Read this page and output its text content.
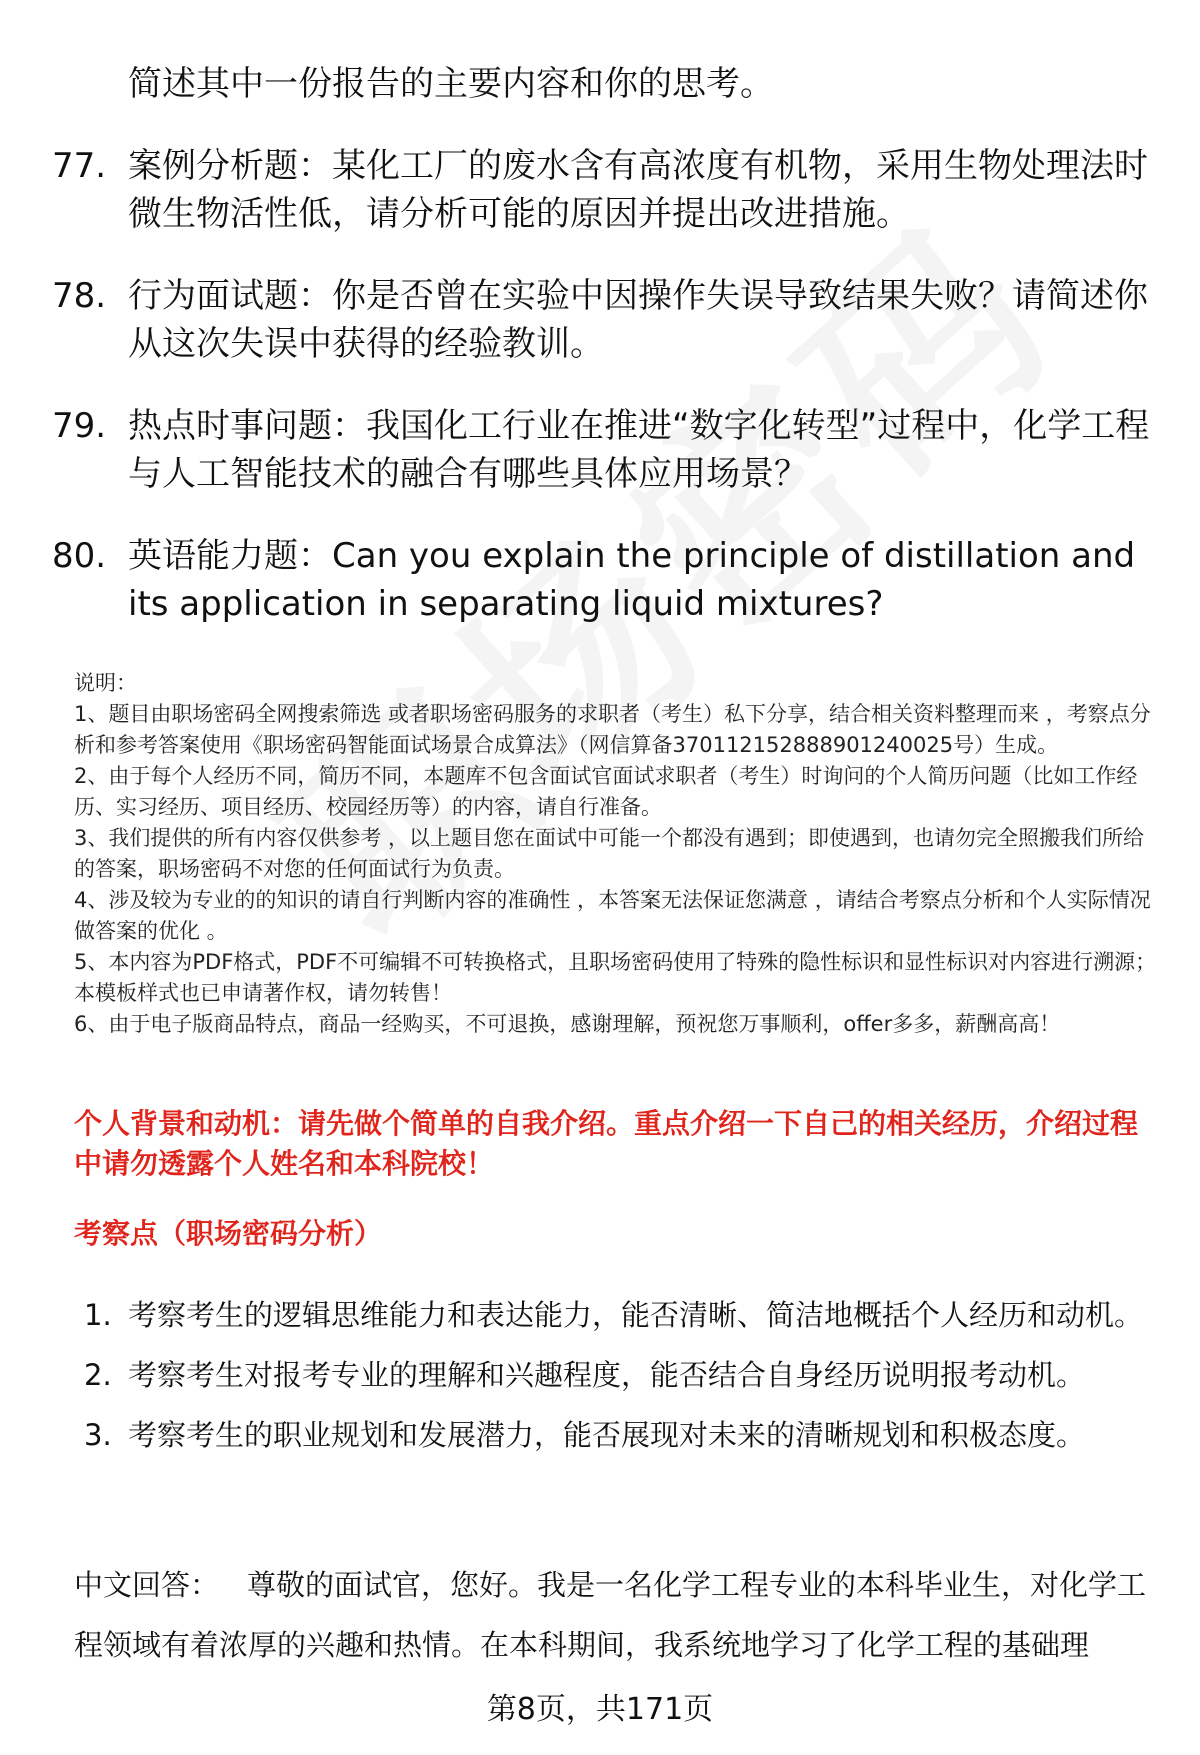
简述其中一份报告的主要内容和你的思考。
77. 案例分析题：某化工厂的废水含有高浓度有机物，采用生物处理法时微生物活性低，请分析可能的原因并提出改进措施。
78. 行为面试题：你是否曾在实验中因操作失误导致结果失败？请简述你从这次失误中获得的经验教训。
79. 热点时事问题：我国化工行业在推进“数字化转型”过程中，化学工程与人工智能技术的融合有哪些具体应用场景？
80. 英语能力题：Can you explain the principle of distillation and its application in separating liquid mixtures?

说明：

1、题目由职场密码全网搜索筛选 或者职场密码服务的求职者（考生）私下分享，结合相关资料整理而来 ，考察点分析和参考答案使用《职场密码智能面试场景合成算法》（网信算备370112152888901240025号）生成。

2、由于每个人经历不同，简历不同，本题库不包含面试官面试求职者（考生）时询问的个人简历问题（比如工作经历、实习经历、项目经历、校园经历等）的内容，请自行准备。

3、我们提供的所有内容仅供参考 ，以上题目您在面试中可能一个都没有遇到；即使遇到，也请勿完全照搬我们所给的答案，职场密码不对您的任何面试行为负责。

4、涉及较为专业的的知识的请自行判断内容的准确性 ，本答案无法保证您满意 ，请结合考察点分析和个人实际情况做答案的优化 。

5、本内容为PDF格式，PDF不可编辑不可转换格式，且职场密码使用了特殊的隐性标识和显性标识对内容进行溯源；本模板样式也已申请著作权，请勿转售！

6、由于电子版商品特点，商品一经购买，不可退换，感谢理解，预祝您万事顺利，offer多多，薪酬高高！

个人背景和动机：请先做个简单的自我介绍。重点介绍一下自己的相关经历，介绍过程中请勿透露个人姓名和本科院校！
考察点（职场密码分析）
1. 考察考生的逻辑思维能力和表达能力，能否清晰、简洁地概括个人经历和动机。
2. 考察考生对报考专业的理解和兴趣程度，能否结合自身经历说明报考动机。
3. 考察考生的职业规划和发展潜力，能否展现对未来的清晰规划和积极态度。
中文回答： 尊敬的面试官，您好。我是一名化学工程专业的本科毕业生，对化学工程领域有着浓厚的兴趣和热情。在本科期间，我系统地学习了化学工程的基础理
第8页，共171页
